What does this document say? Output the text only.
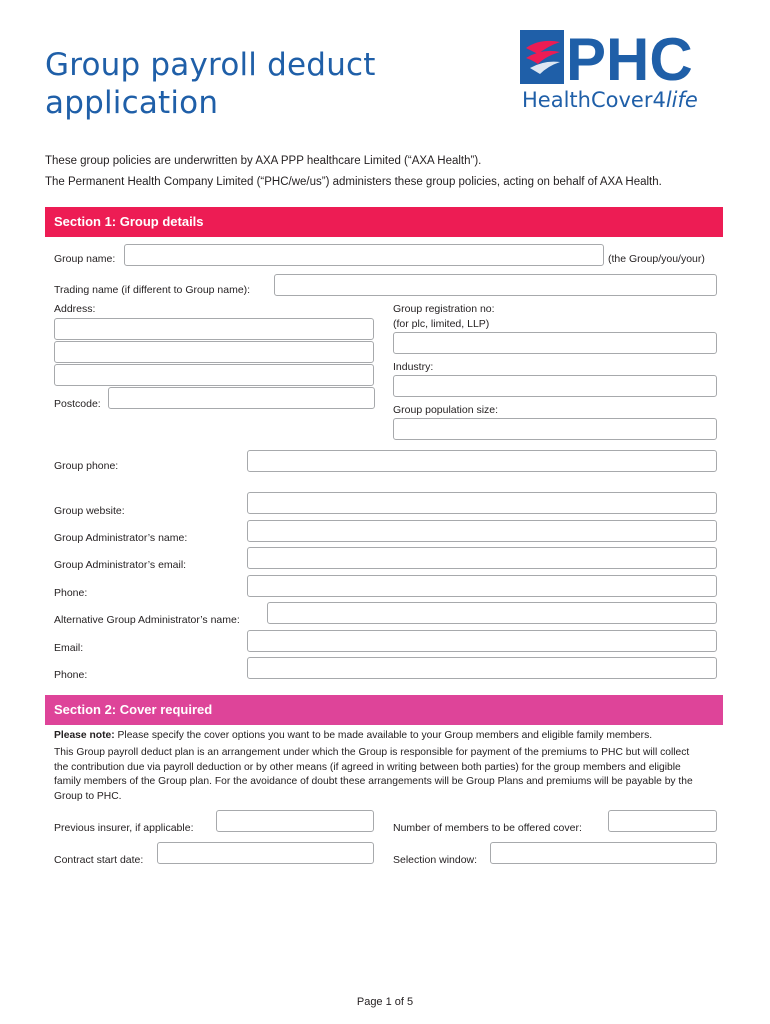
Group payroll deduct application
PHC
HealthCover4life
These group policies are underwritten by AXA PPP healthcare Limited (“AXA Health”).
The Permanent Health Company Limited (“PHC/we/us”) administers these group policies, acting on behalf of AXA Health.
Section 1: Group details
Group name:	(the Group/you/your)
Trading name (if different to Group name):
Address:
Postcode:
Group registration no:
(for plc, limited, LLP)
Industry:
Group population size:
Group phone:
Group website:
Group Administrator’s name:
Group Administrator’s email:
Phone:
Alternative Group Administrator’s name:
Email:
Phone:
Section 2: Cover required
Please note: Please specify the cover options you want to be made available to your Group members and eligible family members.
This Group payroll deduct plan is an arrangement under which the Group is responsible for payment of the premiums to PHC but will collect the contribution due via payroll deduction or by other means (if agreed in writing between both parties) for the group members and eligible family members of the Group plan. For the avoidance of doubt these arrangements will be Group Plans and premiums will be payable by the Group to PHC.
Previous insurer, if applicable:	Number of members to be offered cover:
Contract start date:	Selection window:
Page 1 of 5
